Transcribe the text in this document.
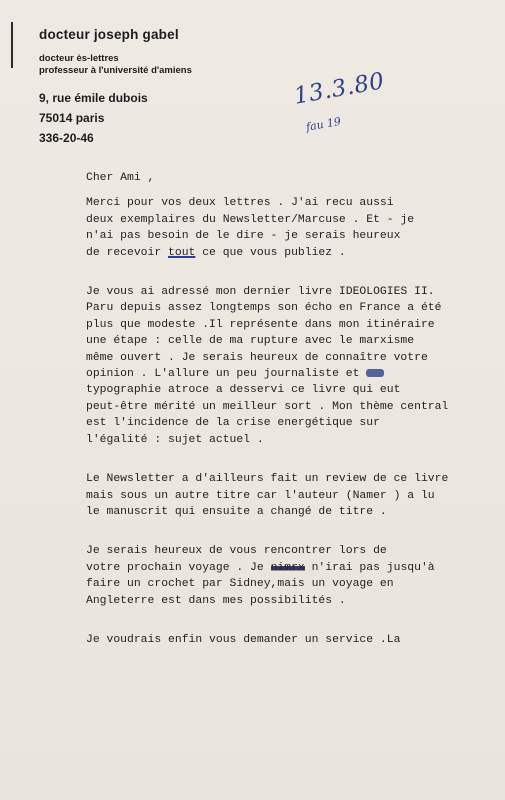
docteur joseph gabel
docteur ès-lettres
professeur à l'université d'amiens
9, rue émile dubois
75014 paris
336-20-46
13.3.80
fau 19
Cher Ami ,
Merci pour vos deux lettres . J'ai recu aussi
deux exemplaires du Newsletter/Marcuse . Et - je
n'ai pas besoin de le dire - je serais heureux
de recevoir tout ce que vous publiez .
Je vous ai adressé mon dernier livre IDEOLOGIES II.
Paru depuis assez longtemps son écho en France a été
plus que modeste .Il représente dans mon itinéraire
une étape : celle de ma rupture avec le marxisme
même ouvert . Je serais heureux de connaître votre
opinion . L'allure un peu journaliste et
typographie atroce a desservi ce livre qui eut
peut-être mérité un meilleur sort . Mon thème central
est l'incidence de la crise energétique sur
l'égalité : sujet actuel .
Le Newsletter a d'ailleurs fait un review de ce livre
mais sous un autre titre car l'auteur (Namer ) a lu
le manuscrit qui ensuite a changé de titre .
Je serais heureux de vous rencontrer lors de
votre prochain voyage . Je nimrx n'irai pas jusqu'à
faire un crochet par Sidney,mais un voyage en
Angleterre est dans mes possibilités .
Je voudrais enfin vous demander un service .La
